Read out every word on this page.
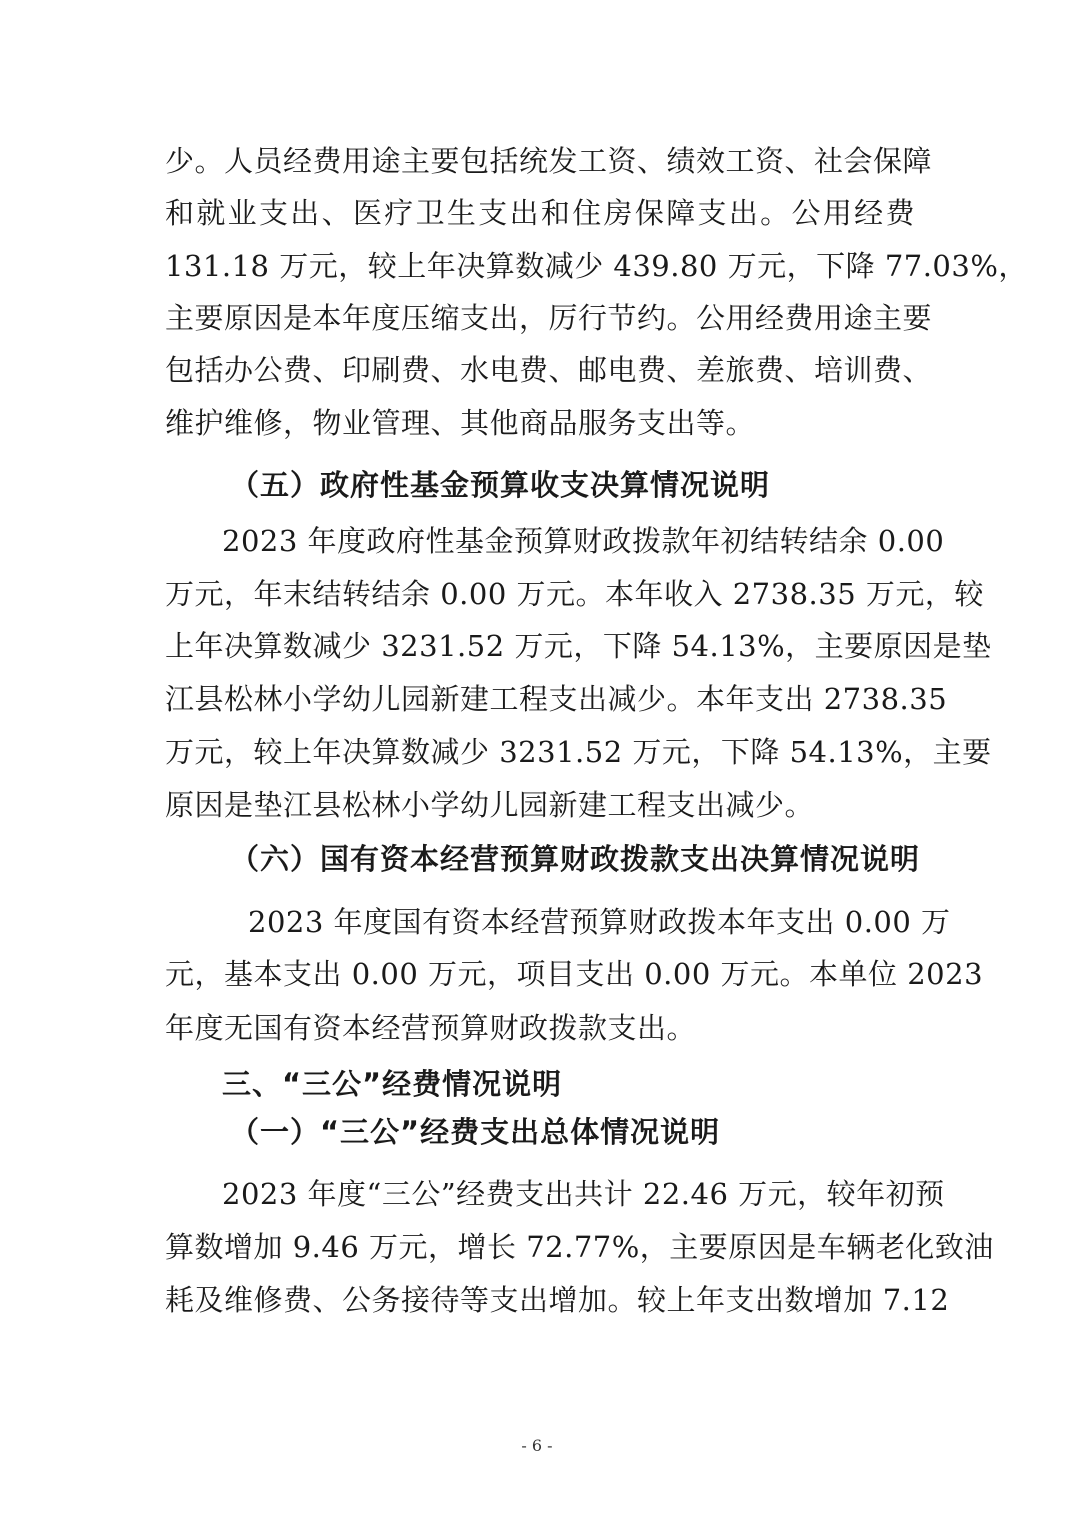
少。人员经费用途主要包括统发工资、绩效工资、社会保障
和就业支出、医疗卫生支出和住房保障支出。公用经费
131.18 万元，较上年决算数减少 439.80 万元，下降 77.03%，
主要原因是本年度压缩支出，厉行节约。公用经费用途主要
包括办公费、印刷费、水电费、邮电费、差旅费、培训费、
维护维修，物业管理、其他商品服务支出等。
（五）政府性基金预算收支决算情况说明
2023 年度政府性基金预算财政拨款年初结转结余 0.00
万元，年末结转结余 0.00 万元。本年收入 2738.35 万元，较
上年决算数减少 3231.52 万元，下降 54.13%，主要原因是垫
江县松林小学幼儿园新建工程支出减少。本年支出 2738.35
万元，较上年决算数减少 3231.52 万元，下降 54.13%，主要
原因是垫江县松林小学幼儿园新建工程支出减少。
（六）国有资本经营预算财政拨款支出决算情况说明
2023 年度国有资本经营预算财政拨本年支出 0.00 万
元，基本支出 0.00 万元，项目支出 0.00 万元。本单位 2023
年度无国有资本经营预算财政拨款支出。
三、“三公”经费情况说明
（一）“三公”经费支出总体情况说明
2023 年度“三公”经费支出共计 22.46 万元，较年初预
算数增加 9.46 万元，增长 72.77%，主要原因是车辆老化致油
耗及维修费、公务接待等支出增加。较上年支出数增加 7.12
- 6 -
